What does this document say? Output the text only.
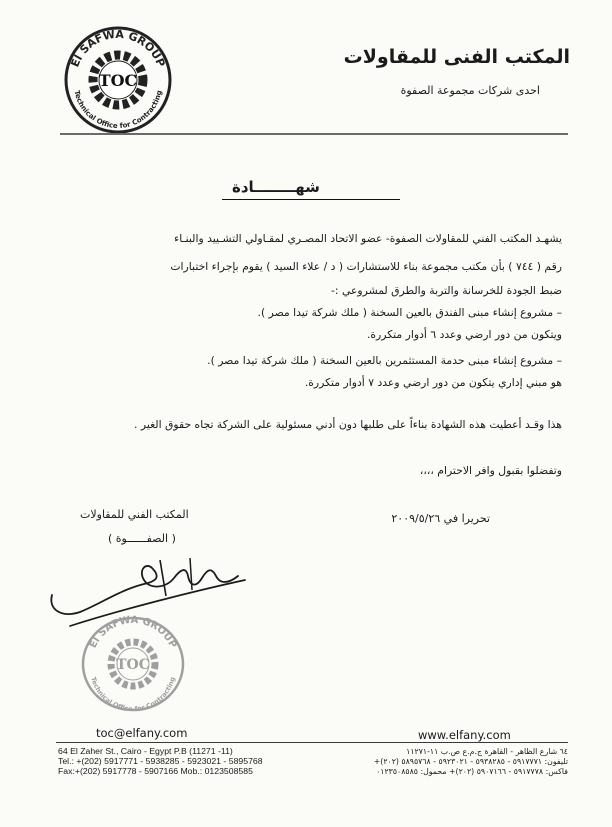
El SAFWA GROUP
Technical Office for Contracting
TOC
المكتب الفنى للمقاولات
احدى شركات مجموعة الصفوة
شهــــــــادة
يشهـد المكتب الفني للمقاولات الصفوة- عضو الاتحاد المصـري لمقـاولي التشـييد والبنـاء
رقم ( ٧٤٤ ) بأن مكتب مجموعة بناء للاستشارات ( د / علاء السيد ) يقوم بإجراء اختبارات
ضبط الجودة للخرسانة والتربة والطرق لمشروعي :-
– مشروع إنشاء مبنى الفندق بالعين السخنة ( ملك شركة تيدا مصر ).
ويتكون من دور ارضي وعدد ٦ أدوار متكررة.
– مشروع إنشاء مبنى حدمة المستثمرين بالعين السخنة ( ملك شركة تيدا مصر ).
هو مبني إداري يتكون من دور ارضي وعدد ٧ أدوار متكررة.
هذا وقـد أعطيت هذه الشهادة بناءاً على طلبها دون أدني مسئولية على الشركة تجاه حقوق الغير .
وتفضلوا بقبول وافر الاحترام ،،،،
المكتب الفني للمقاولات
( الصفــــــوة )
تحريرا في ٢٠٠٩/٥/٢٦
El SAFWA GROUP
Technical Office for Contracting
TOC
toc@elfany.com	www.elfany.com
64 El Zaher St., Cairo - Egypt P.B (11271 -11)
Tel.: +(202) 5917771 - 5938285 - 5923021 - 5895768
Fax:+(202) 5917778 - 5907166 Mob.: 0123508585
٦٤ شارع الظاهر - القاهرة ج.م.ع ص.ب ١١-١١٢٧١
تليفون: ٥٩١٧٧٧١ - ٥٩٣٨٢٨٥ - ٥٩٢٣٠٢١ - ٥٨٩٥٧٦٨ (٢٠٢)+
فاكس: ٥٩١٧٧٧٨ - ٥٩٠٧١٦٦ (٢٠٢)+ محمول: ٠١٢٣٥٠٨٥٨٥
